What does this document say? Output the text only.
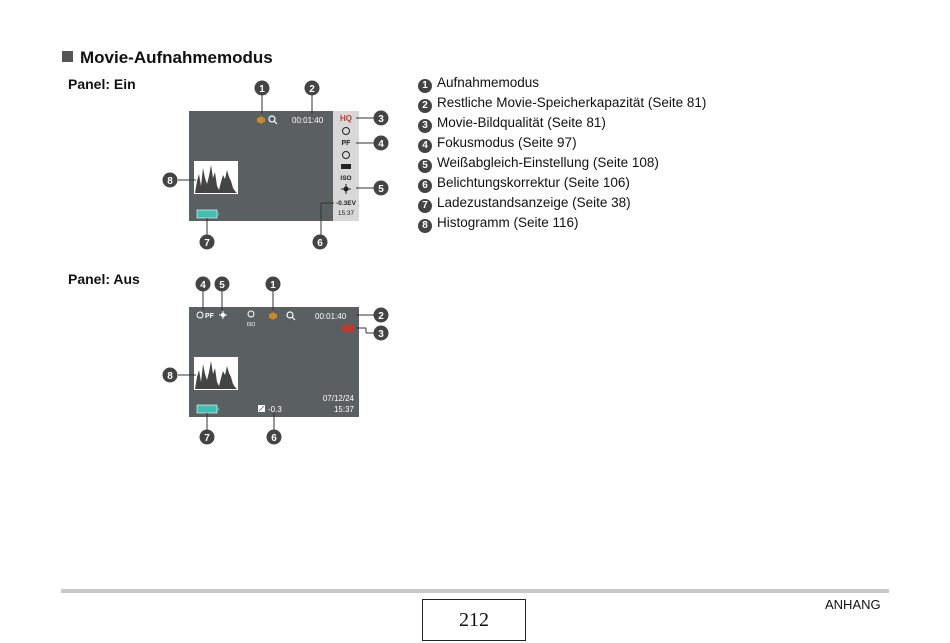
Movie-Aufnahmemodus
Panel: Ein
Panel: Aus
00:01:40 HQ
PF
ISO
-0.3EV
15:37
1	2
3
4
5
6
7
8
PF
ISO
00:01:40
07/12/24
15:37
-0.3
4 5	1
2
3
8
7	6
1 Aufnahmemodus
2 Restliche Movie-Speicherkapazität (Seite 81)
3 Movie-Bildqualität (Seite 81)
4 Fokusmodus (Seite 97)
5 Weißabgleich-Einstellung (Seite 108)
6 Belichtungskorrektur (Seite 106)
7 Ladezustandsanzeige (Seite 38)
8 Histogramm (Seite 116)
212
ANHANG
